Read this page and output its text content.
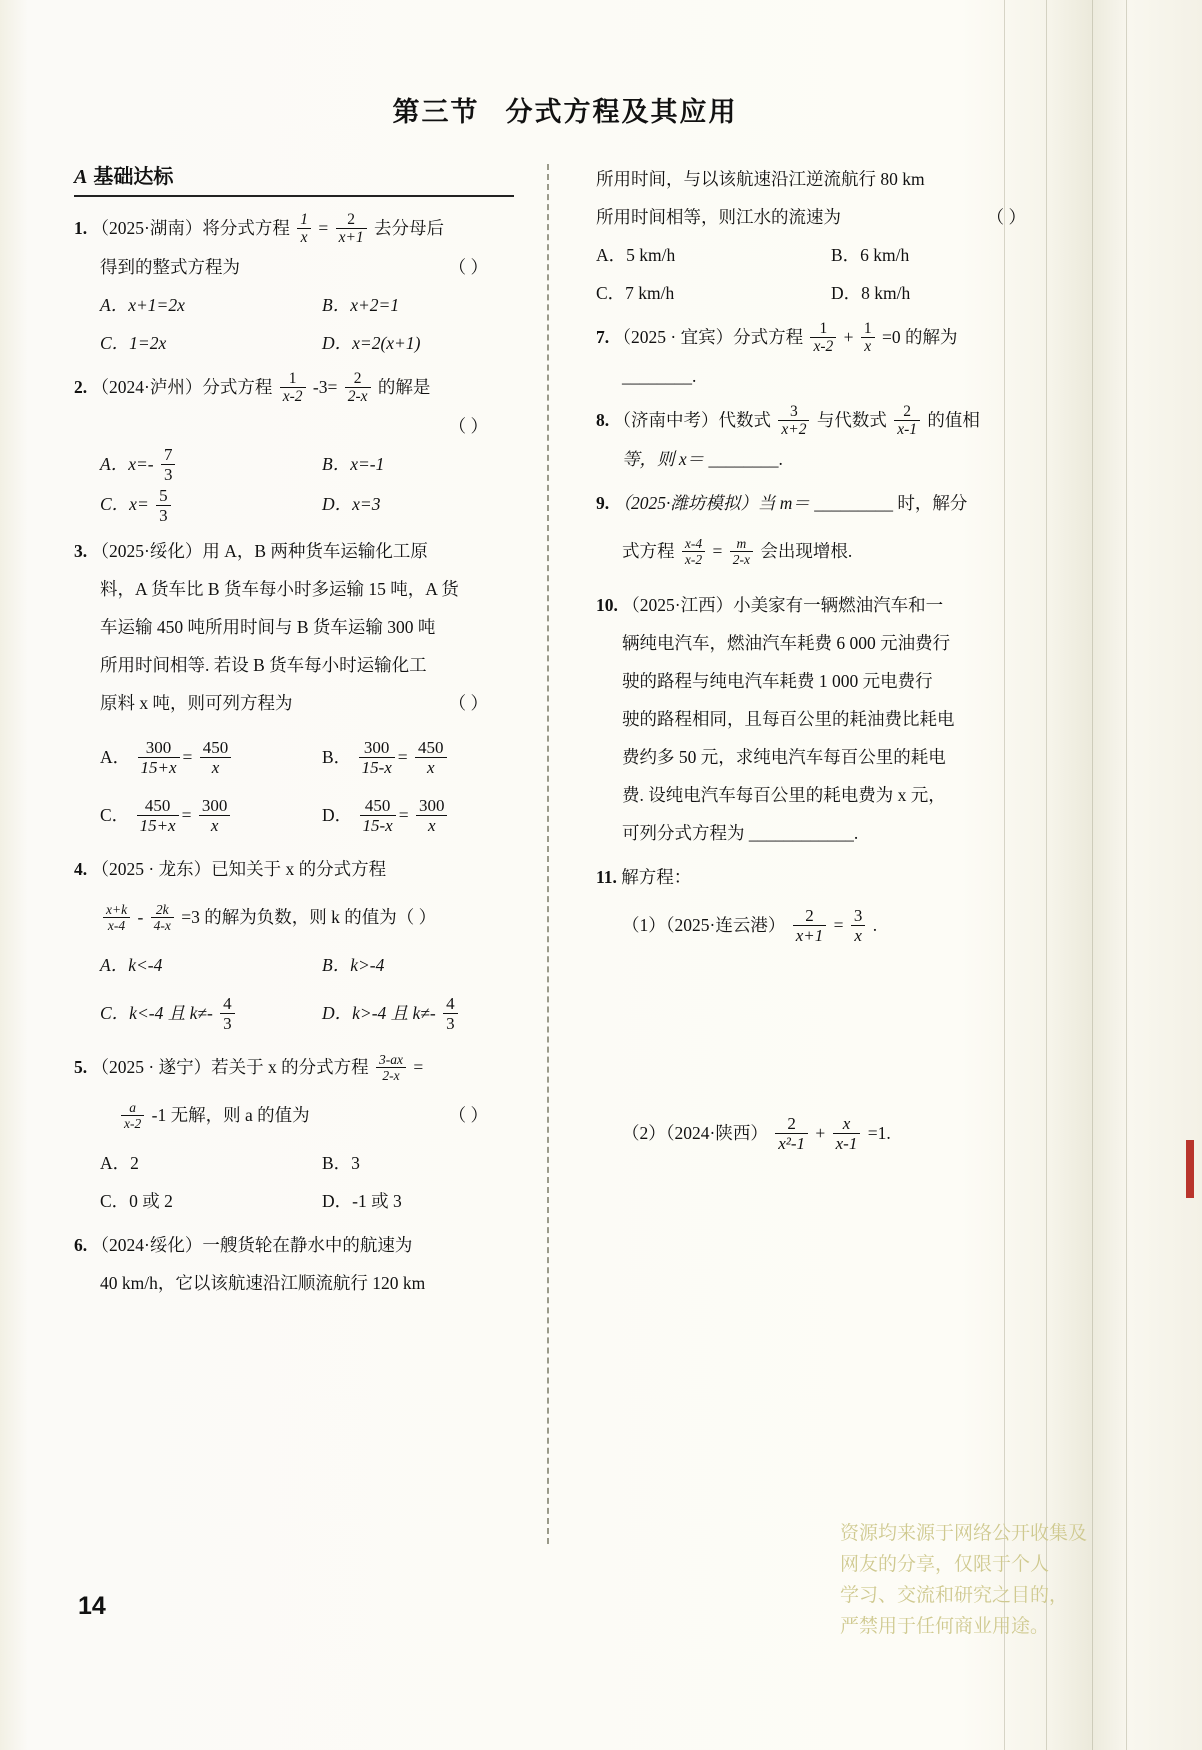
第三节 分式方程及其应用
A 基础达标
1. （2025·湖南）将分式方程 $\frac{1}{x} = \frac{2}{x+1}$ 去分母后
得到的整式方程为	（ ）
A．x+1=2x	B．x+2=1
C．1=2x	D．x=2(x+1)
2. （2024·泸州）分式方程 $\frac{1}{x-2} -3= \frac{2}{2-x}$ 的解是
（ ）
A．$x=- \frac{7}{3}$	B．x=-1
C．$x= \frac{5}{3}$	D．x=3
3. （2025·绥化）用 A，B 两种货车运输化工原
料，A 货车比 B 货车每小时多运输 15 吨，A 货
车运输 450 吨所用时间与 B 货车运输 300 吨
所用时间相等. 若设 B 货车每小时运输化工
原料 x 吨，则可列方程为	（ ）
A． $\frac{300}{15+x} = \frac{450}{x}$	B． $\frac{300}{15-x} = \frac{450}{x}$
C． $\frac{450}{15+x} = \frac{300}{x}$	D． $\frac{450}{15-x} = \frac{300}{x}$
4. （2025 · 龙东）已知关于 x 的分式方程
$\frac{x+k}{x-4} - \frac{2k}{4-x} =3$ 的解为负数，则 k 的值为（ ）
A．k<-4	B．k>-4
C．k<-4 且 $k\ne- \frac{4}{3}$	D．k>-4 且 $k\ne- \frac{4}{3}$
5. （2025 · 遂宁）若关于 x 的分式方程 $\frac{3-ax}{2-x}$ =
$\frac{a}{x-2} -1$ 无解，则 a 的值为	（ ）
A．2	B．3
C．0 或 2	D．-1 或 3
6. （2024·绥化）一艘货轮在静水中的航速为
40 km/h，它以该航速沿江顺流航行 120 km
所用时间，与以该航速沿江逆流航行 80 km
所用时间相等，则江水的流速为	（ ）
A．5 km/h	B．6 km/h
C．7 km/h	D．8 km/h
7. （2025 · 宜宾）分式方程 $\frac{1}{x-2} + \frac{1}{x} =0$ 的解为
________.
8. （济南中考）代数式 $\frac{3}{x+2}$ 与代数式 $\frac{2}{x-1}$ 的值相
等，则 x＝ ________.
9. （2025·潍坊模拟）当 m＝ _________ 时，解分
式方程 $\frac{x-4}{x-2} = \frac{m}{2-x}$ 会出现增根.
10. （2025·江西）小美家有一辆燃油汽车和一
辆纯电汽车，燃油汽车耗费 6 000 元油费行
驶的路程与纯电汽车耗费 1 000 元电费行
驶的路程相同，且每百公里的耗油费比耗电
费约多 50 元，求纯电汽车每百公里的耗电
费. 设纯电汽车每百公里的耗电费为 x 元，
可列分式方程为 ____________.
11. 解方程：
（1）（2025·连云港） $\frac{2}{x+1} = \frac{3}{x}$ .
（2）（2024·陕西） $\frac{2}{\text{x²-1}} + \frac{x}{x-1} =1$.
14
资源均来源于网络公开收集及
网友的分享，仅限于个人
学习、交流和研究之目的，
严禁用于任何商业用途。
